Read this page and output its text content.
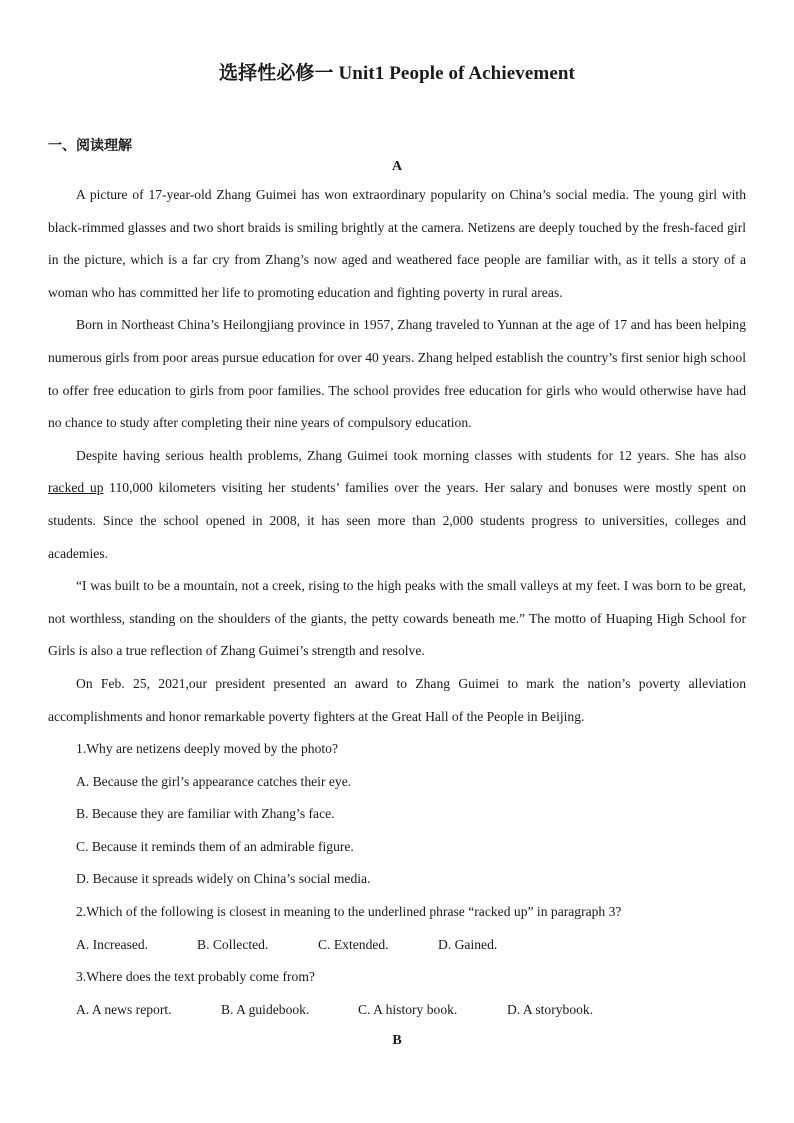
选择性必修一 Unit1 People of Achievement
一、阅读理解
A

A picture of 17-year-old Zhang Guimei has won extraordinary popularity on China’s social media. The young girl with black-rimmed glasses and two short braids is smiling brightly at the camera. Netizens are deeply touched by the fresh-faced girl in the picture, which is a far cry from Zhang’s now aged and weathered face people are familiar with, as it tells a story of a woman who has committed her life to promoting education and fighting poverty in rural areas.

Born in Northeast China’s Heilongjiang province in 1957, Zhang traveled to Yunnan at the age of 17 and has been helping numerous girls from poor areas pursue education for over 40 years. Zhang helped establish the country’s first senior high school to offer free education to girls from poor families. The school provides free education for girls who would otherwise have had no chance to study after completing their nine years of compulsory education.

Despite having serious health problems, Zhang Guimei took morning classes with students for 12 years. She has also racked up 110,000 kilometers visiting her students’ families over the years. Her salary and bonuses were mostly spent on students. Since the school opened in 2008, it has seen more than 2,000 students progress to universities, colleges and academies.

“I was built to be a mountain, not a creek, rising to the high peaks with the small valleys at my feet. I was born to be great, not worthless, standing on the shoulders of the giants, the petty cowards beneath me.” The motto of Huaping High School for Girls is also a true reflection of Zhang Guimei’s strength and resolve.

On Feb. 25, 2021,our president presented an award to Zhang Guimei to mark the nation’s poverty alleviation accomplishments and honor remarkable poverty fighters at the Great Hall of the People in Beijing.

1.Why are netizens deeply moved by the photo?

A. Because the girl’s appearance catches their eye.

B. Because they are familiar with Zhang’s face.

C. Because it reminds them of an admirable figure.

D. Because it spreads widely on China’s social media.

2.Which of the following is closest in meaning to the underlined phrase “racked up” in paragraph 3?

A. Increased.	B. Collected.	C. Extended.	D. Gained.

3.Where does the text probably come from?

A. A news report.	B. A guidebook.	C. A history book.	D. A storybook.

B
